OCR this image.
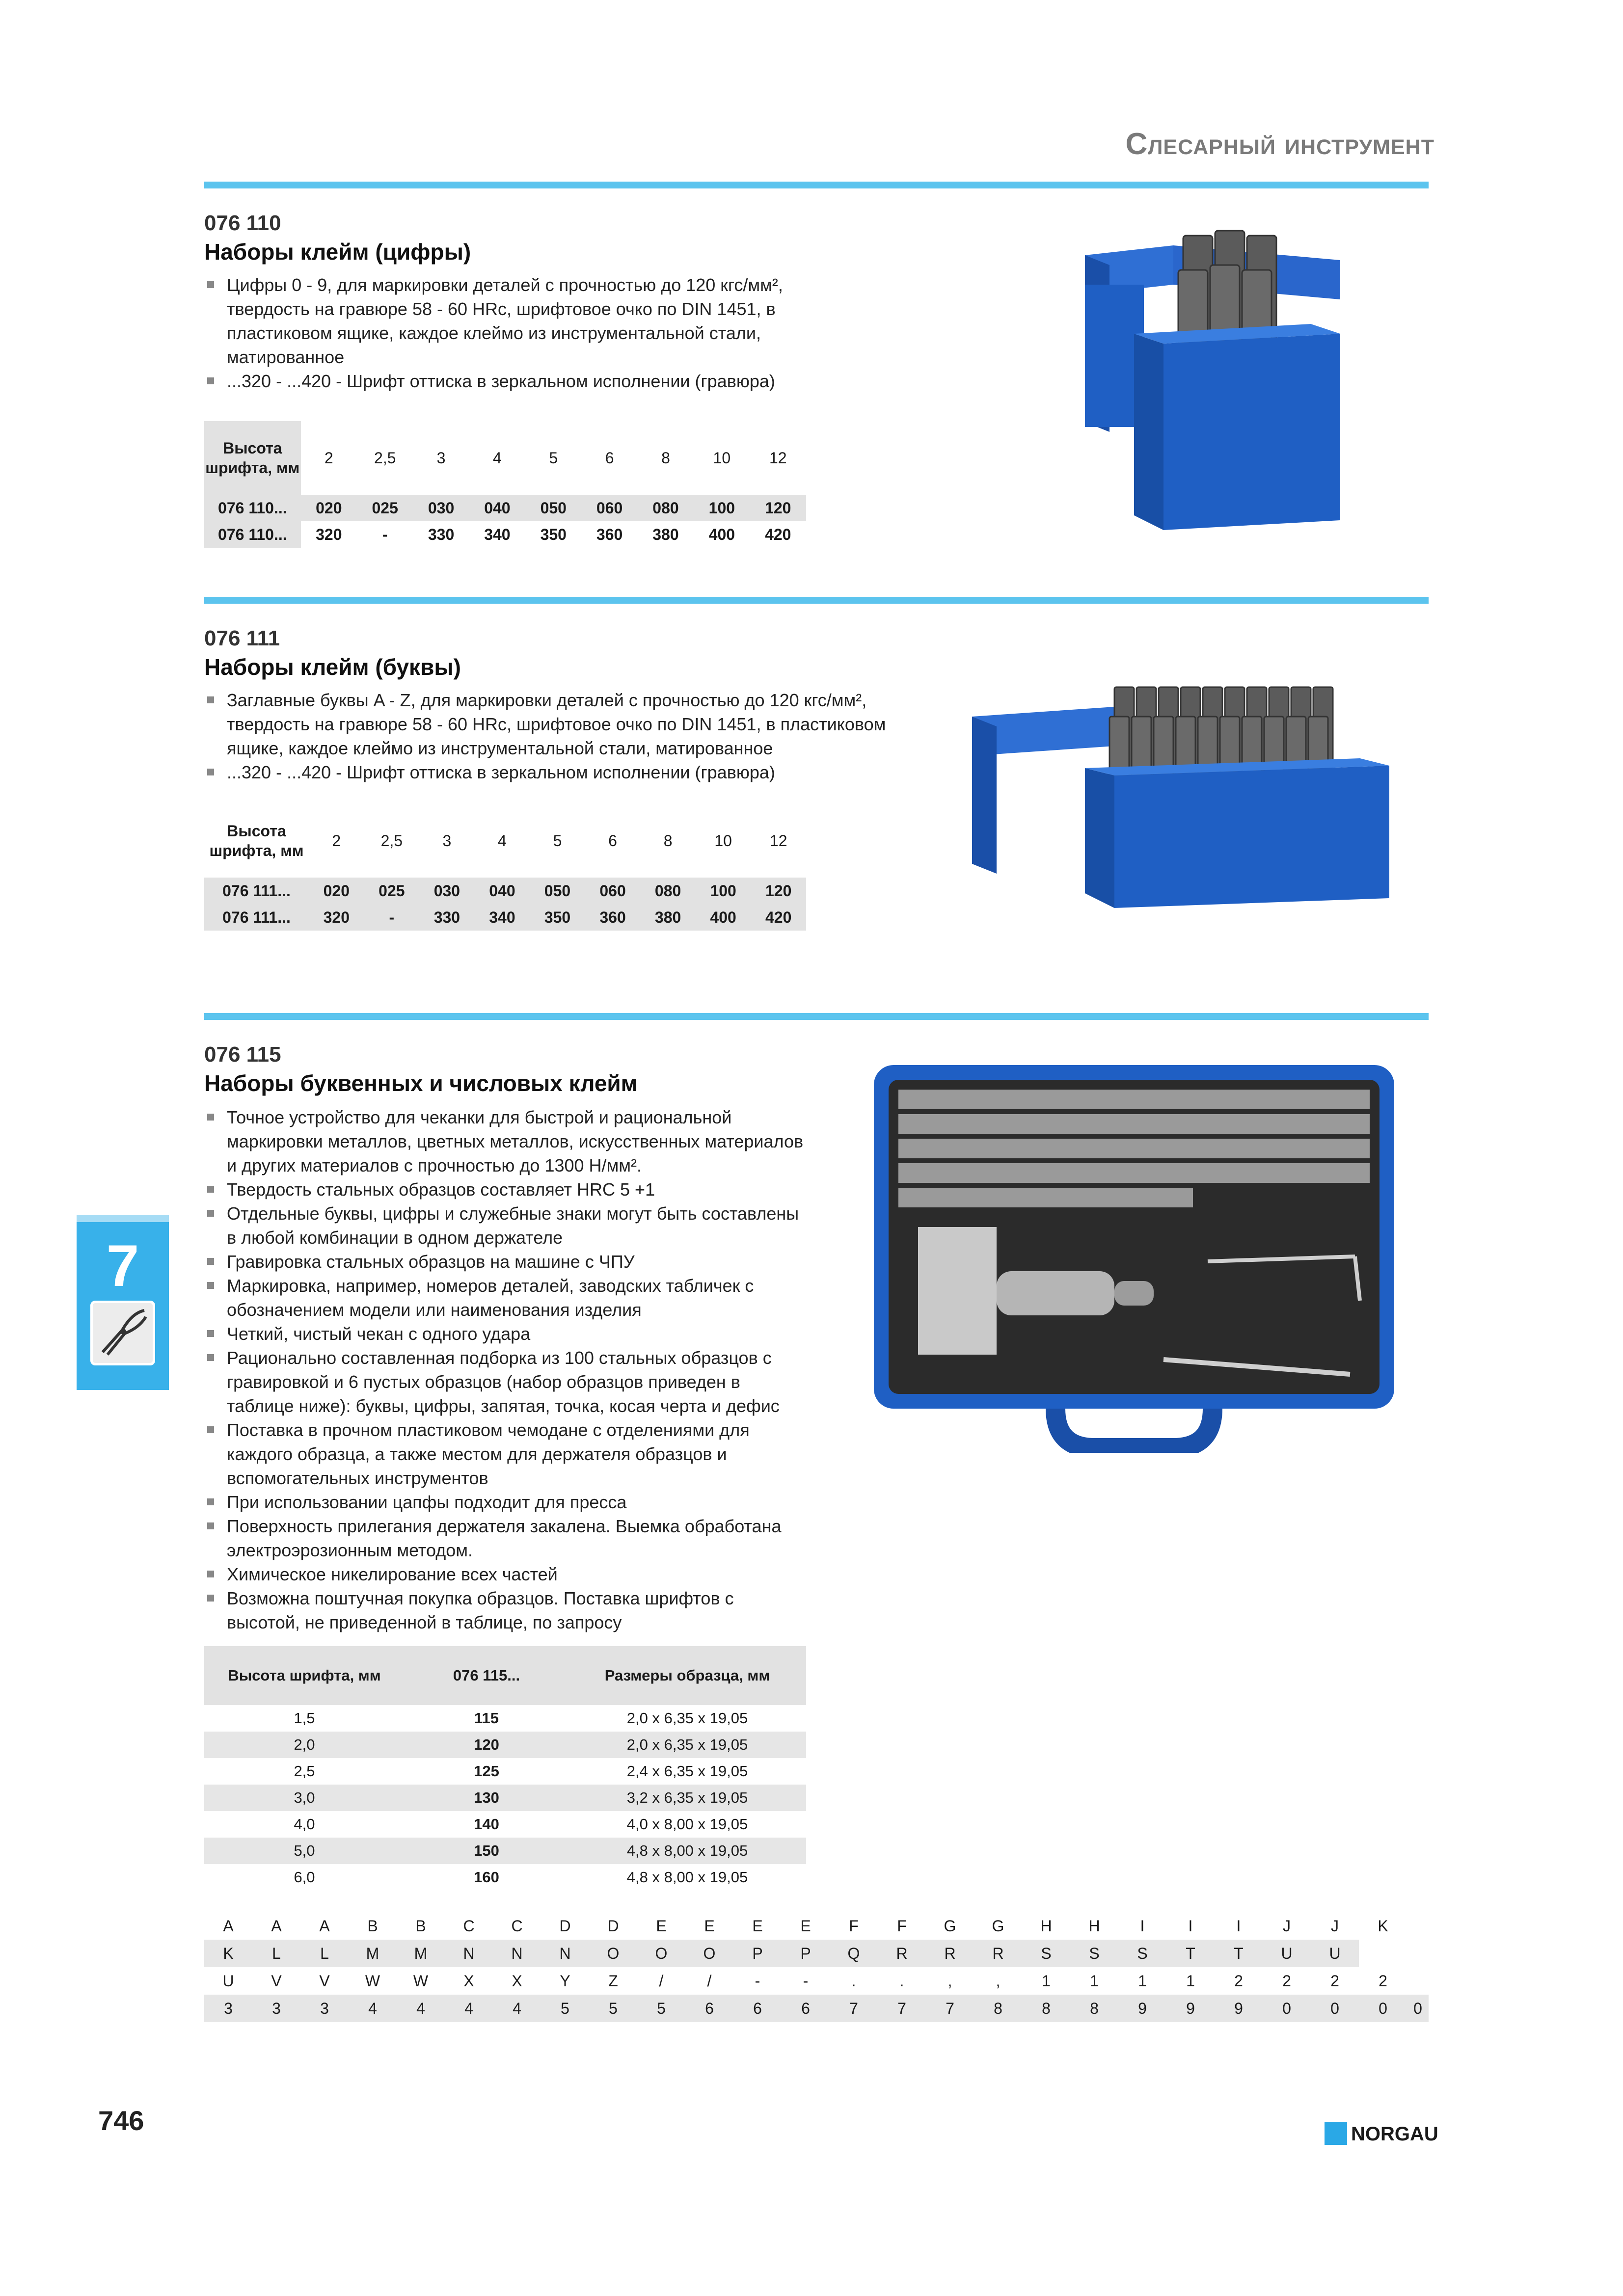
Слесарный инструмент
076 110
Наборы клейм (цифры)
Цифры 0 - 9, для маркировки деталей с прочностью до 120 кгс/мм², твердость на гравюре 58 - 60 HRc, шрифтовое очко по DIN 1451, в пластиковом ящике, каждое клеймо из инструментальной стали, матированное
...320 - ...420 - Шрифт оттиска в зеркальном исполнении (гравюра)
Высота шрифта, мм	2	2,5	3	4	5	6	8	10	12
076 110...	020	025	030	040	050	060	080	100	120
076 110...	320	-	330	340	350	360	380	400	420
076 111
Наборы клейм (буквы)
Заглавные буквы A - Z, для маркировки деталей с прочностью до 120 кгс/мм², твердость на гравюре 58 - 60 HRc, шрифтовое очко по DIN 1451, в пластиковом ящике, каждое клеймо из инструментальной стали, матированное
...320 - ...420 - Шрифт оттиска в зеркальном исполнении (гравюра)
Высота шрифта, мм	2	2,5	3	4	5	6	8	10	12
076 111...	020	025	030	040	050	060	080	100	120
076 111...	320	-	330	340	350	360	380	400	420
076 115
Наборы буквенных и числовых клейм
Точное устройство для чеканки для быстрой и рациональной маркировки металлов, цветных металлов, искусственных материалов и других материалов с прочностью до 1300 Н/мм².
Твердость стальных образцов составляет HRC 5 +1
Отдельные буквы, цифры и служебные знаки могут быть составлены в любой комбинации в одном держателе
Гравировка стальных образцов на машине с ЧПУ
Маркировка, например, номеров деталей, заводских табличек с обозначением модели или наименования изделия
Четкий, чистый чекан с одного удара
Рационально составленная подборка из 100 стальных образцов с гравировкой и 6 пустых образцов (набор образцов приведен в таблице ниже): буквы, цифры, запятая, точка, косая черта и дефис
Поставка в прочном пластиковом чемодане с отделениями для каждого образца, а также местом для держателя образцов и вспомогательных инструментов
При использовании цапфы подходит для пресса
Поверхность прилегания держателя закалена. Выемка обработана электроэрозионным методом.
Химическое никелирование всех частей
Возможна поштучная покупка образцов. Поставка шрифтов с высотой, не приведенной в таблице, по запросу
Высота шрифта, мм	076 115...	Размеры образца, мм
1,5	115	2,0 x 6,35 x 19,05
2,0	120	2,0 x 6,35 x 19,05
2,5	125	2,4 x 6,35 x 19,05
3,0	130	3,2 x 6,35 x 19,05
4,0	140	4,0 x 8,00 x 19,05
5,0	150	4,8 x 8,00 x 19,05
6,0	160	4,8 x 8,00 x 19,05
A	A	A	B	B	C	C	D	D	E	E	E	E	F	F	G	G	H	H	I	I	I	J	J	K	
K	L	L	M	M	N	N	N	O	O	O	P	P	Q	R	R	R	S	S	S	T	T	U	U		
U	V	V	W	W	X	X	Y	Z	/	/	-	-	.	.	,	,	1	1	1	1	2	2	2	2	
3	3	3	4	4	4	4	5	5	5	6	6	6	7	7	7	8	8	8	9	9	9	0	0	0	0
7
746	NORGAU
